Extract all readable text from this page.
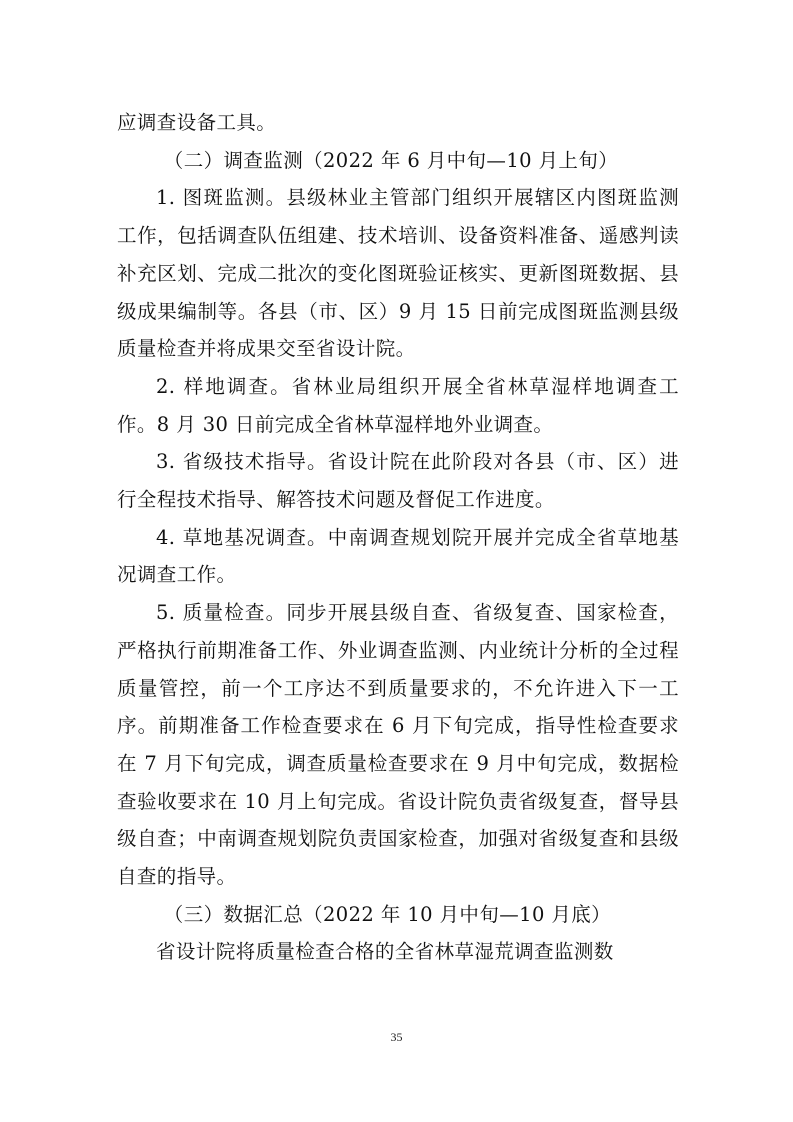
应调查设备工具。

（二）调查监测（2022 年 6 月中旬—10 月上旬）

1. 图斑监测。县级林业主管部门组织开展辖区内图斑监测工作，包括调查队伍组建、技术培训、设备资料准备、遥感判读补充区划、完成二批次的变化图斑验证核实、更新图斑数据、县级成果编制等。各县（市、区）9 月 15 日前完成图斑监测县级质量检查并将成果交至省设计院。

2. 样地调查。省林业局组织开展全省林草湿样地调查工作。8 月 30 日前完成全省林草湿样地外业调查。

3. 省级技术指导。省设计院在此阶段对各县（市、区）进行全程技术指导、解答技术问题及督促工作进度。

4. 草地基况调查。中南调查规划院开展并完成全省草地基况调查工作。

5. 质量检查。同步开展县级自查、省级复查、国家检查，严格执行前期准备工作、外业调查监测、内业统计分析的全过程质量管控，前一个工序达不到质量要求的，不允许进入下一工序。前期准备工作检查要求在 6 月下旬完成，指导性检查要求在 7 月下旬完成，调查质量检查要求在 9 月中旬完成，数据检查验收要求在 10 月上旬完成。省设计院负责省级复查，督导县级自查；中南调查规划院负责国家检查，加强对省级复查和县级自查的指导。

（三）数据汇总（2022 年 10 月中旬—10 月底）

省设计院将质量检查合格的全省林草湿荒调查监测数

35
